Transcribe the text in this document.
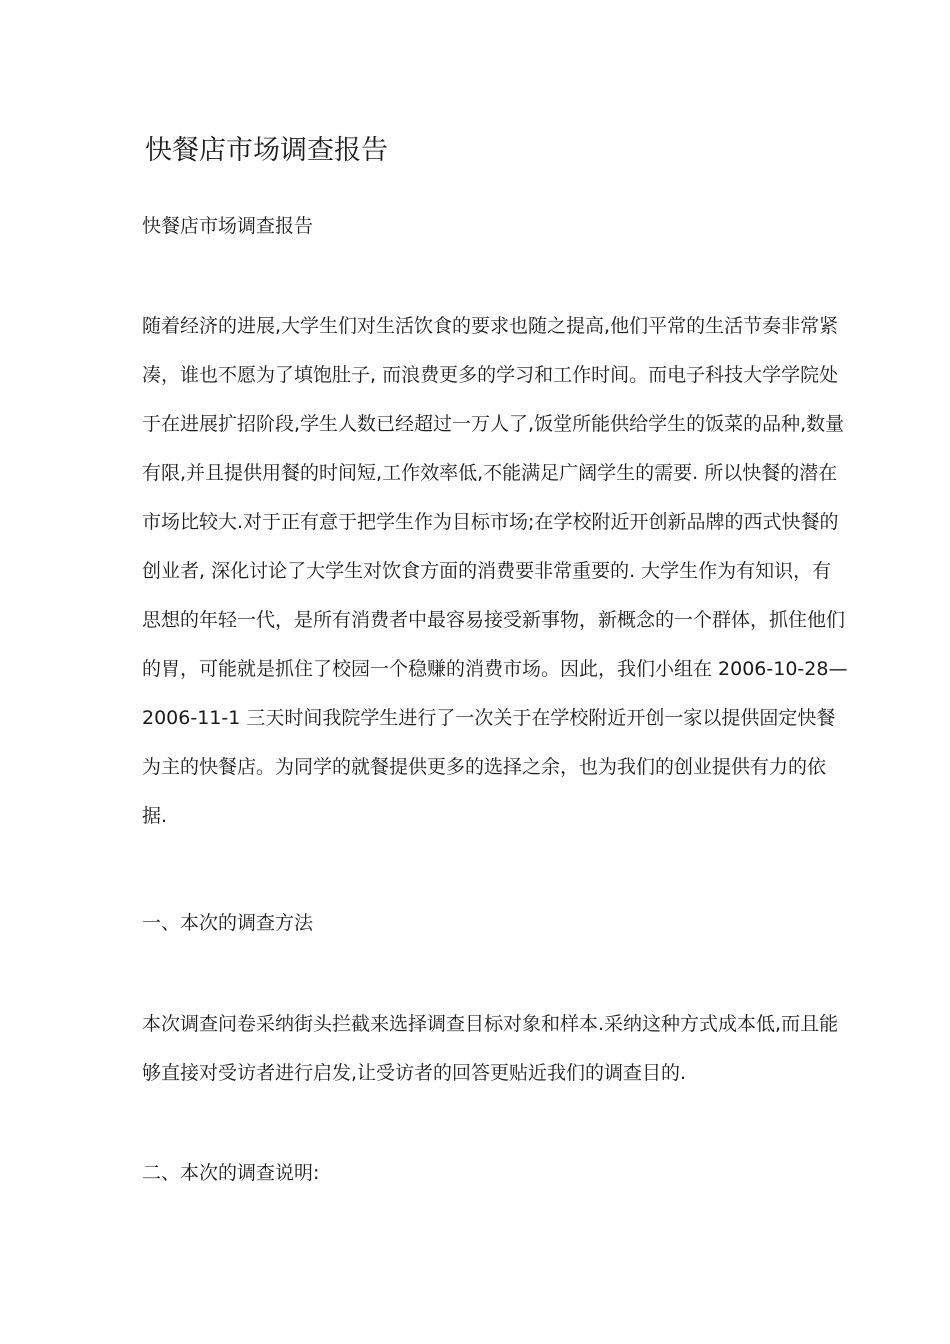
快餐店市场调查报告

快餐店市场调查报告

随着经济的进展,大学生们对生活饮食的要求也随之提高,他们平常的生活节奏非常紧
凑，谁也不愿为了填饱肚子, 而浪费更多的学习和工作时间。而电子科技大学学院处
于在进展扩招阶段,学生人数已经超过一万人了,饭堂所能供给学生的饭菜的品种,数量
有限,并且提供用餐的时间短,工作效率低,不能满足广阔学生的需要. 所以快餐的潜在
市场比较大.对于正有意于把学生作为目标市场;在学校附近开创新品牌的西式快餐的
创业者, 深化讨论了大学生对饮食方面的消费要非常重要的. 大学生作为有知识，有
思想的年轻一代，是所有消费者中最容易接受新事物，新概念的一个群体，抓住他们
的胃，可能就是抓住了校园一个稳赚的消费市场。因此，我们小组在 2006-10-28—
2006-11-1 三天时间我院学生进行了一次关于在学校附近开创一家以提供固定快餐
为主的快餐店。为同学的就餐提供更多的选择之余，也为我们的创业提供有力的依
据.
一、本次的调查方法
本次调查问卷采纳街头拦截来选择调查目标对象和样本.采纳这种方式成本低,而且能
够直接对受访者进行启发,让受访者的回答更贴近我们的调查目的.
二、本次的调查说明:
